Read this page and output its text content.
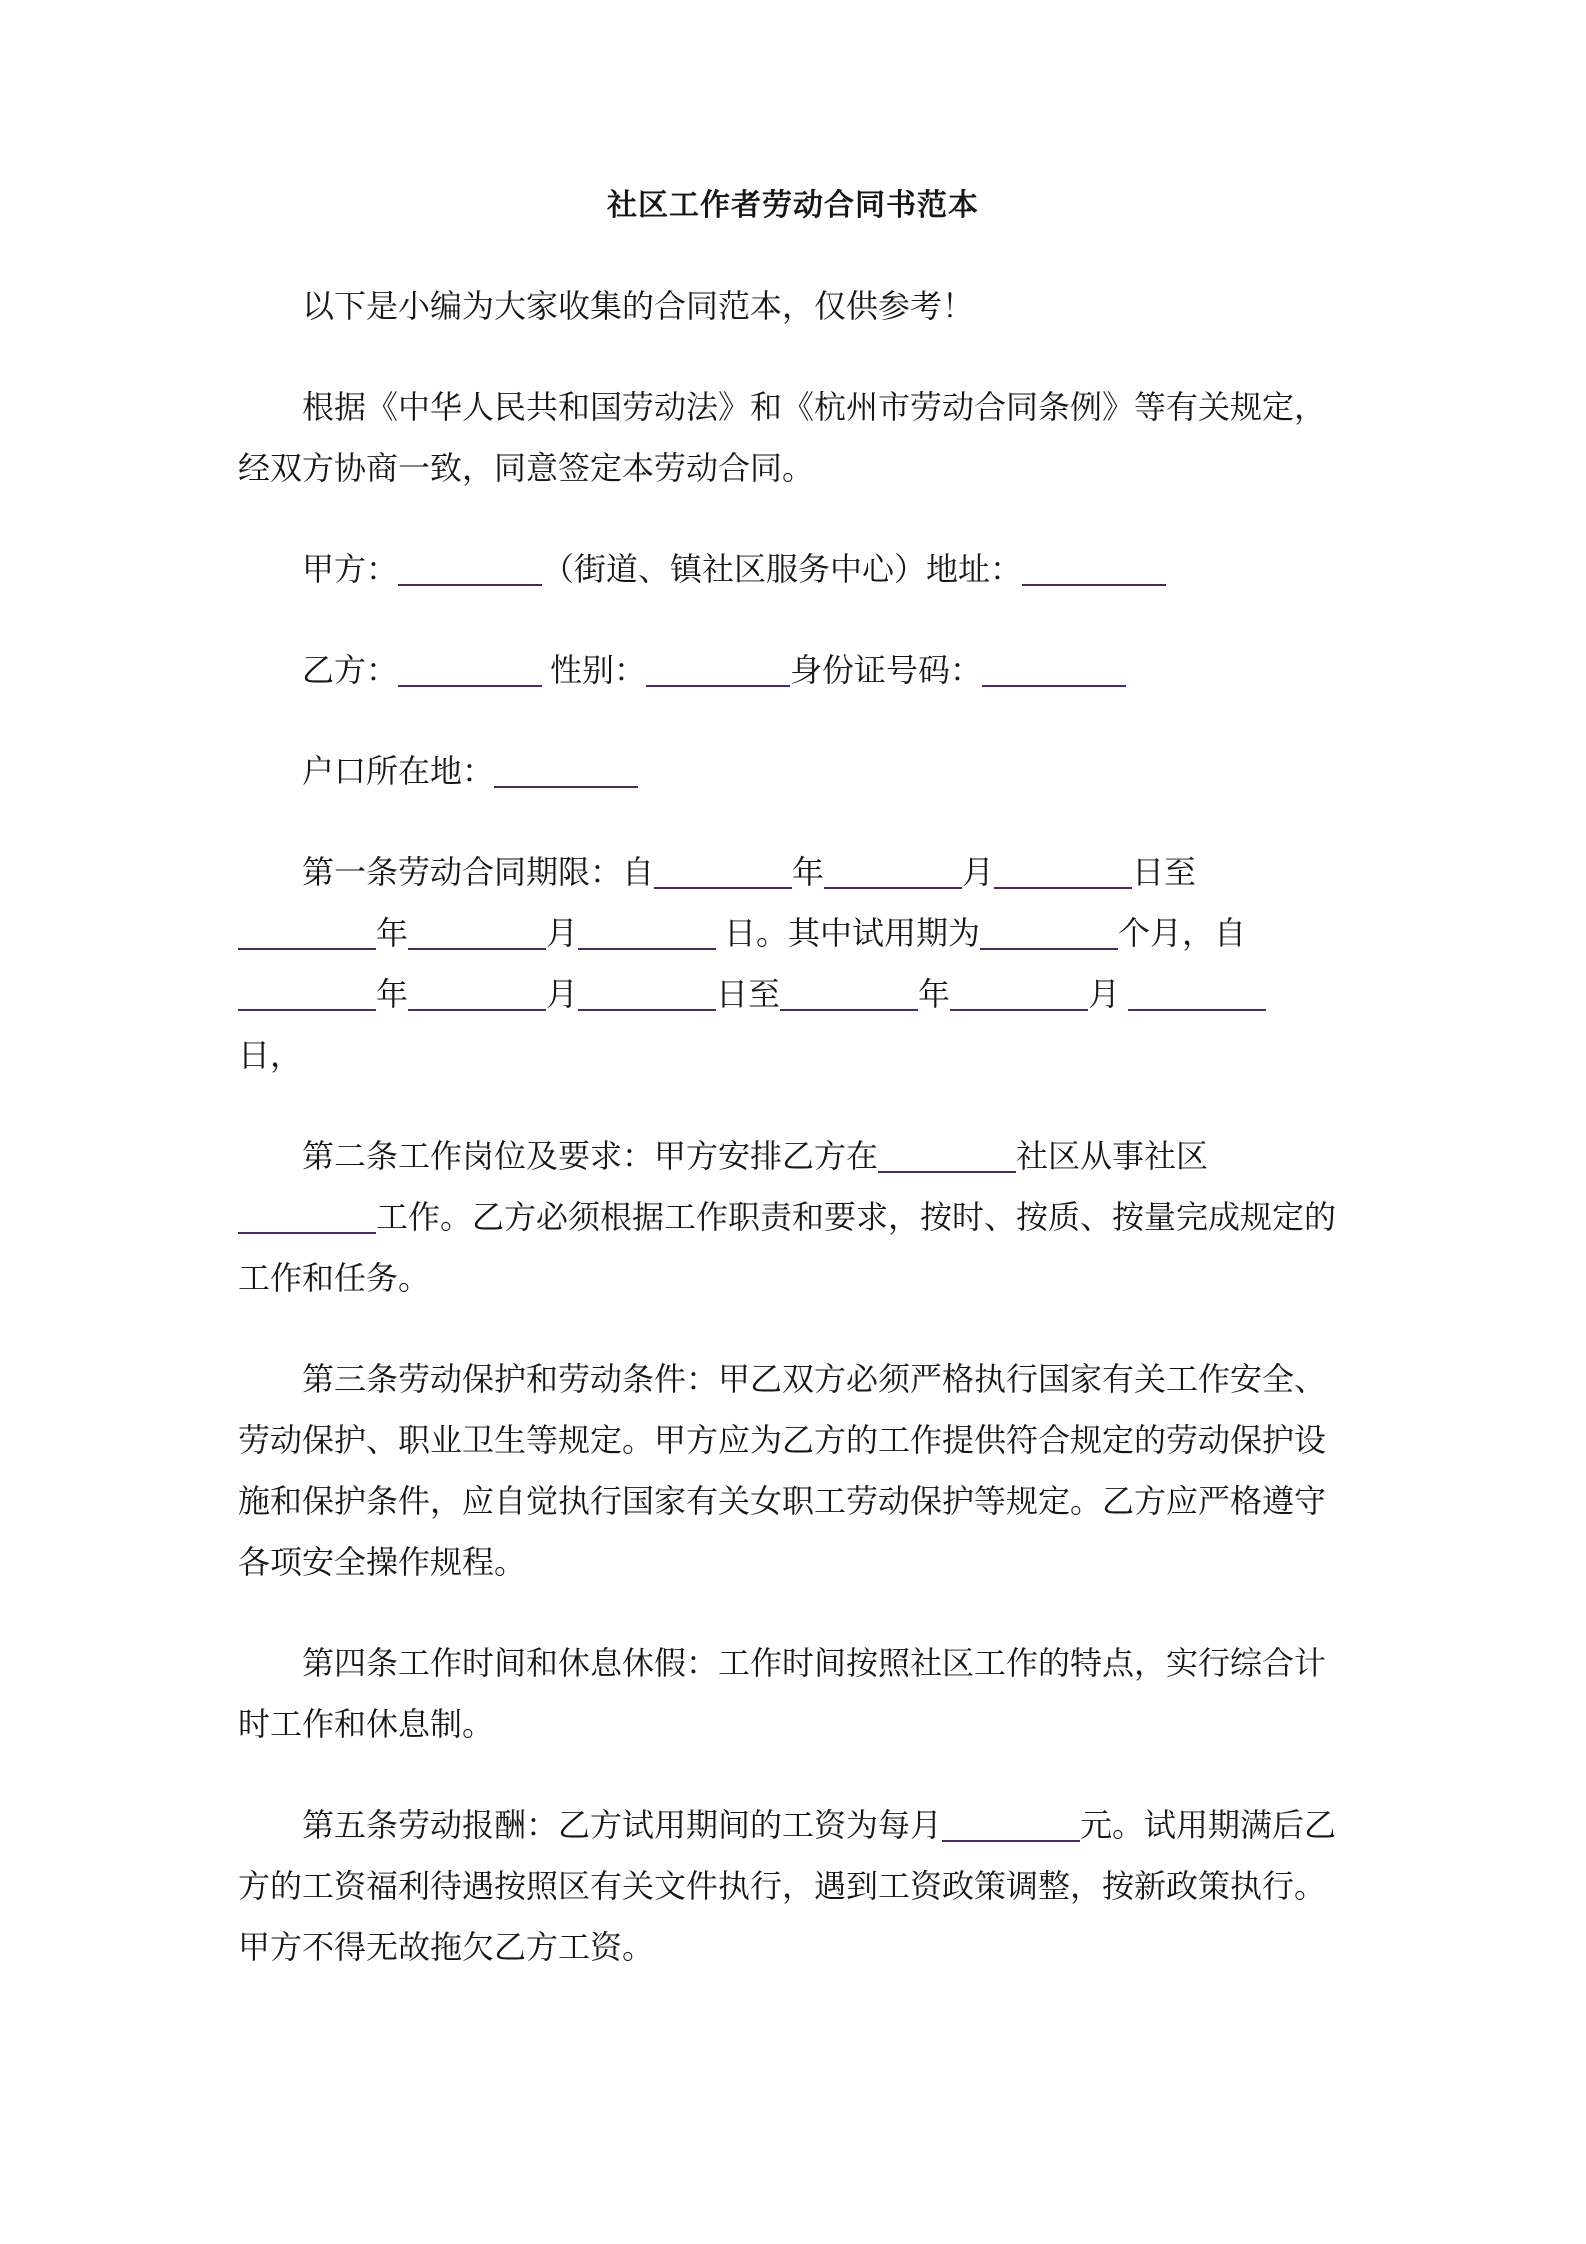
社区工作者劳动合同书范本
以下是小编为大家收集的合同范本，仅供参考！
根据《中华人民共和国劳动法》和《杭州市劳动合同条例》等有关规定，
经双方协商一致，同意签定本劳动合同。
甲方：	（街道、镇社区服务中心）地址：
乙方：	性别：	身份证号码：
户口所在地：
第一条劳动合同期限：自	年	月	日至
年	月	日。其中试用期为	个月，自
年	月	日至	年	月
日，
第二条工作岗位及要求：甲方安排乙方在	社区从事社区
工作。乙方必须根据工作职责和要求，按时、按质、按量完成规定的
工作和任务。
第三条劳动保护和劳动条件：甲乙双方必须严格执行国家有关工作安全、
劳动保护、职业卫生等规定。甲方应为乙方的工作提供符合规定的劳动保护设
施和保护条件，应自觉执行国家有关女职工劳动保护等规定。乙方应严格遵守
各项安全操作规程。
第四条工作时间和休息休假：工作时间按照社区工作的特点，实行综合计
时工作和休息制。
第五条劳动报酬：乙方试用期间的工资为每月	元。试用期满后乙
方的工资福利待遇按照区有关文件执行，遇到工资政策调整，按新政策执行。
甲方不得无故拖欠乙方工资。
